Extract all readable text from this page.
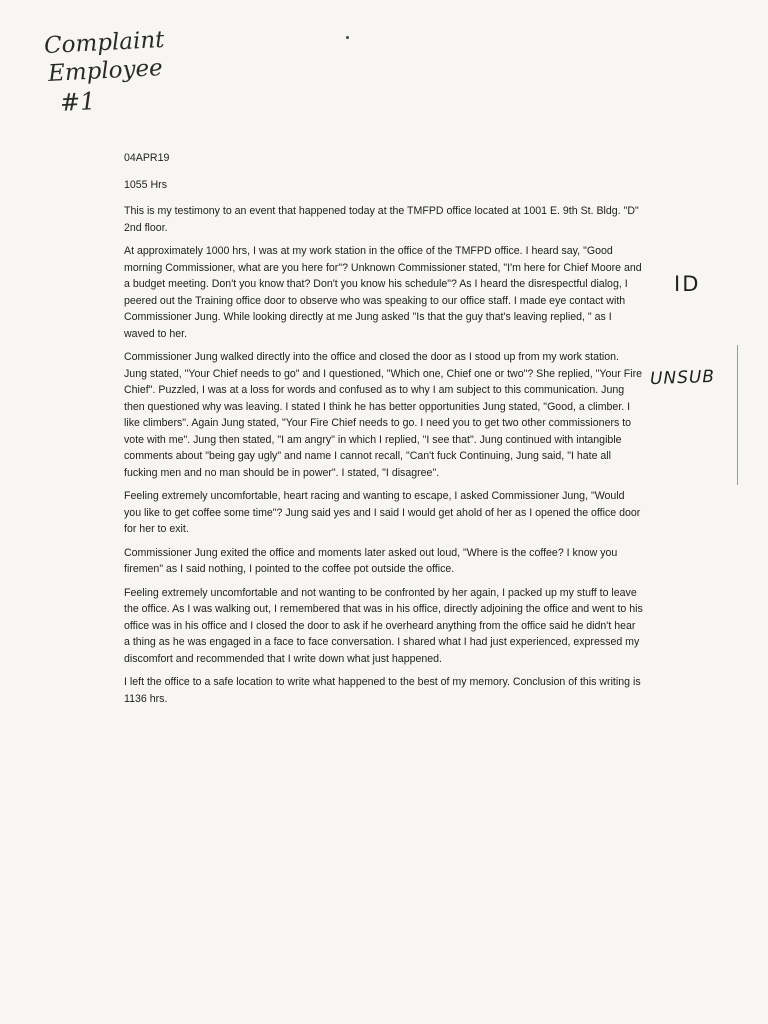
Complaint
Employee
#1
ID
UNSUB

04APR19

1055 Hrs

This is my testimony to an event that happened today at the TMFPD office located at 1001 E. 9th St. Bldg. "D" 2nd floor.

At approximately 1000 hrs, I was at my work station in the office of the TMFPD office. I heard say, "Good morning Commissioner, what are you here for"? Unknown Commissioner stated, "I'm here for Chief Moore and a budget meeting. Don't you know that? Don't you know his schedule"? As I heard the disrespectful dialog, I peered out the Training office door to observe who was speaking to our office staff. I made eye contact with Commissioner Jung. While looking directly at me Jung asked "Is that the guy that's leaving replied, " as I waved to her.

Commissioner Jung walked directly into the office and closed the door as I stood up from my work station. Jung stated, "Your Chief needs to go" and I questioned, "Which one, Chief one or two"? She replied, "Your Fire Chief". Puzzled, I was at a loss for words and confused as to why I am subject to this communication. Jung then questioned why was leaving. I stated I think he has better opportunities Jung stated, "Good, a climber. I like climbers". Again Jung stated, "Your Fire Chief needs to go. I need you to get two other commissioners to vote with me". Jung then stated, "I am angry" in which I replied, "I see that". Jung continued with intangible comments about "being gay ugly" and name I cannot recall, "Can't fuck Continuing, Jung said, "I hate all fucking men and no man should be in power". I stated, "I disagree".

Feeling extremely uncomfortable, heart racing and wanting to escape, I asked Commissioner Jung, "Would you like to get coffee some time"? Jung said yes and I said I would get ahold of her as I opened the office door for her to exit.

Commissioner Jung exited the office and moments later asked out loud, "Where is the coffee? I know you firemen" as I said nothing, I pointed to the coffee pot outside the office.

Feeling extremely uncomfortable and not wanting to be confronted by her again, I packed up my stuff to leave the office. As I was walking out, I remembered that was in his office, directly adjoining the office and went to his office was in his office and I closed the door to ask if he overheard anything from the office said he didn't hear a thing as he was engaged in a face to face conversation. I shared what I had just experienced, expressed my discomfort and recommended that I write down what just happened.

I left the office to a safe location to write what happened to the best of my memory. Conclusion of this writing is 1136 hrs.
